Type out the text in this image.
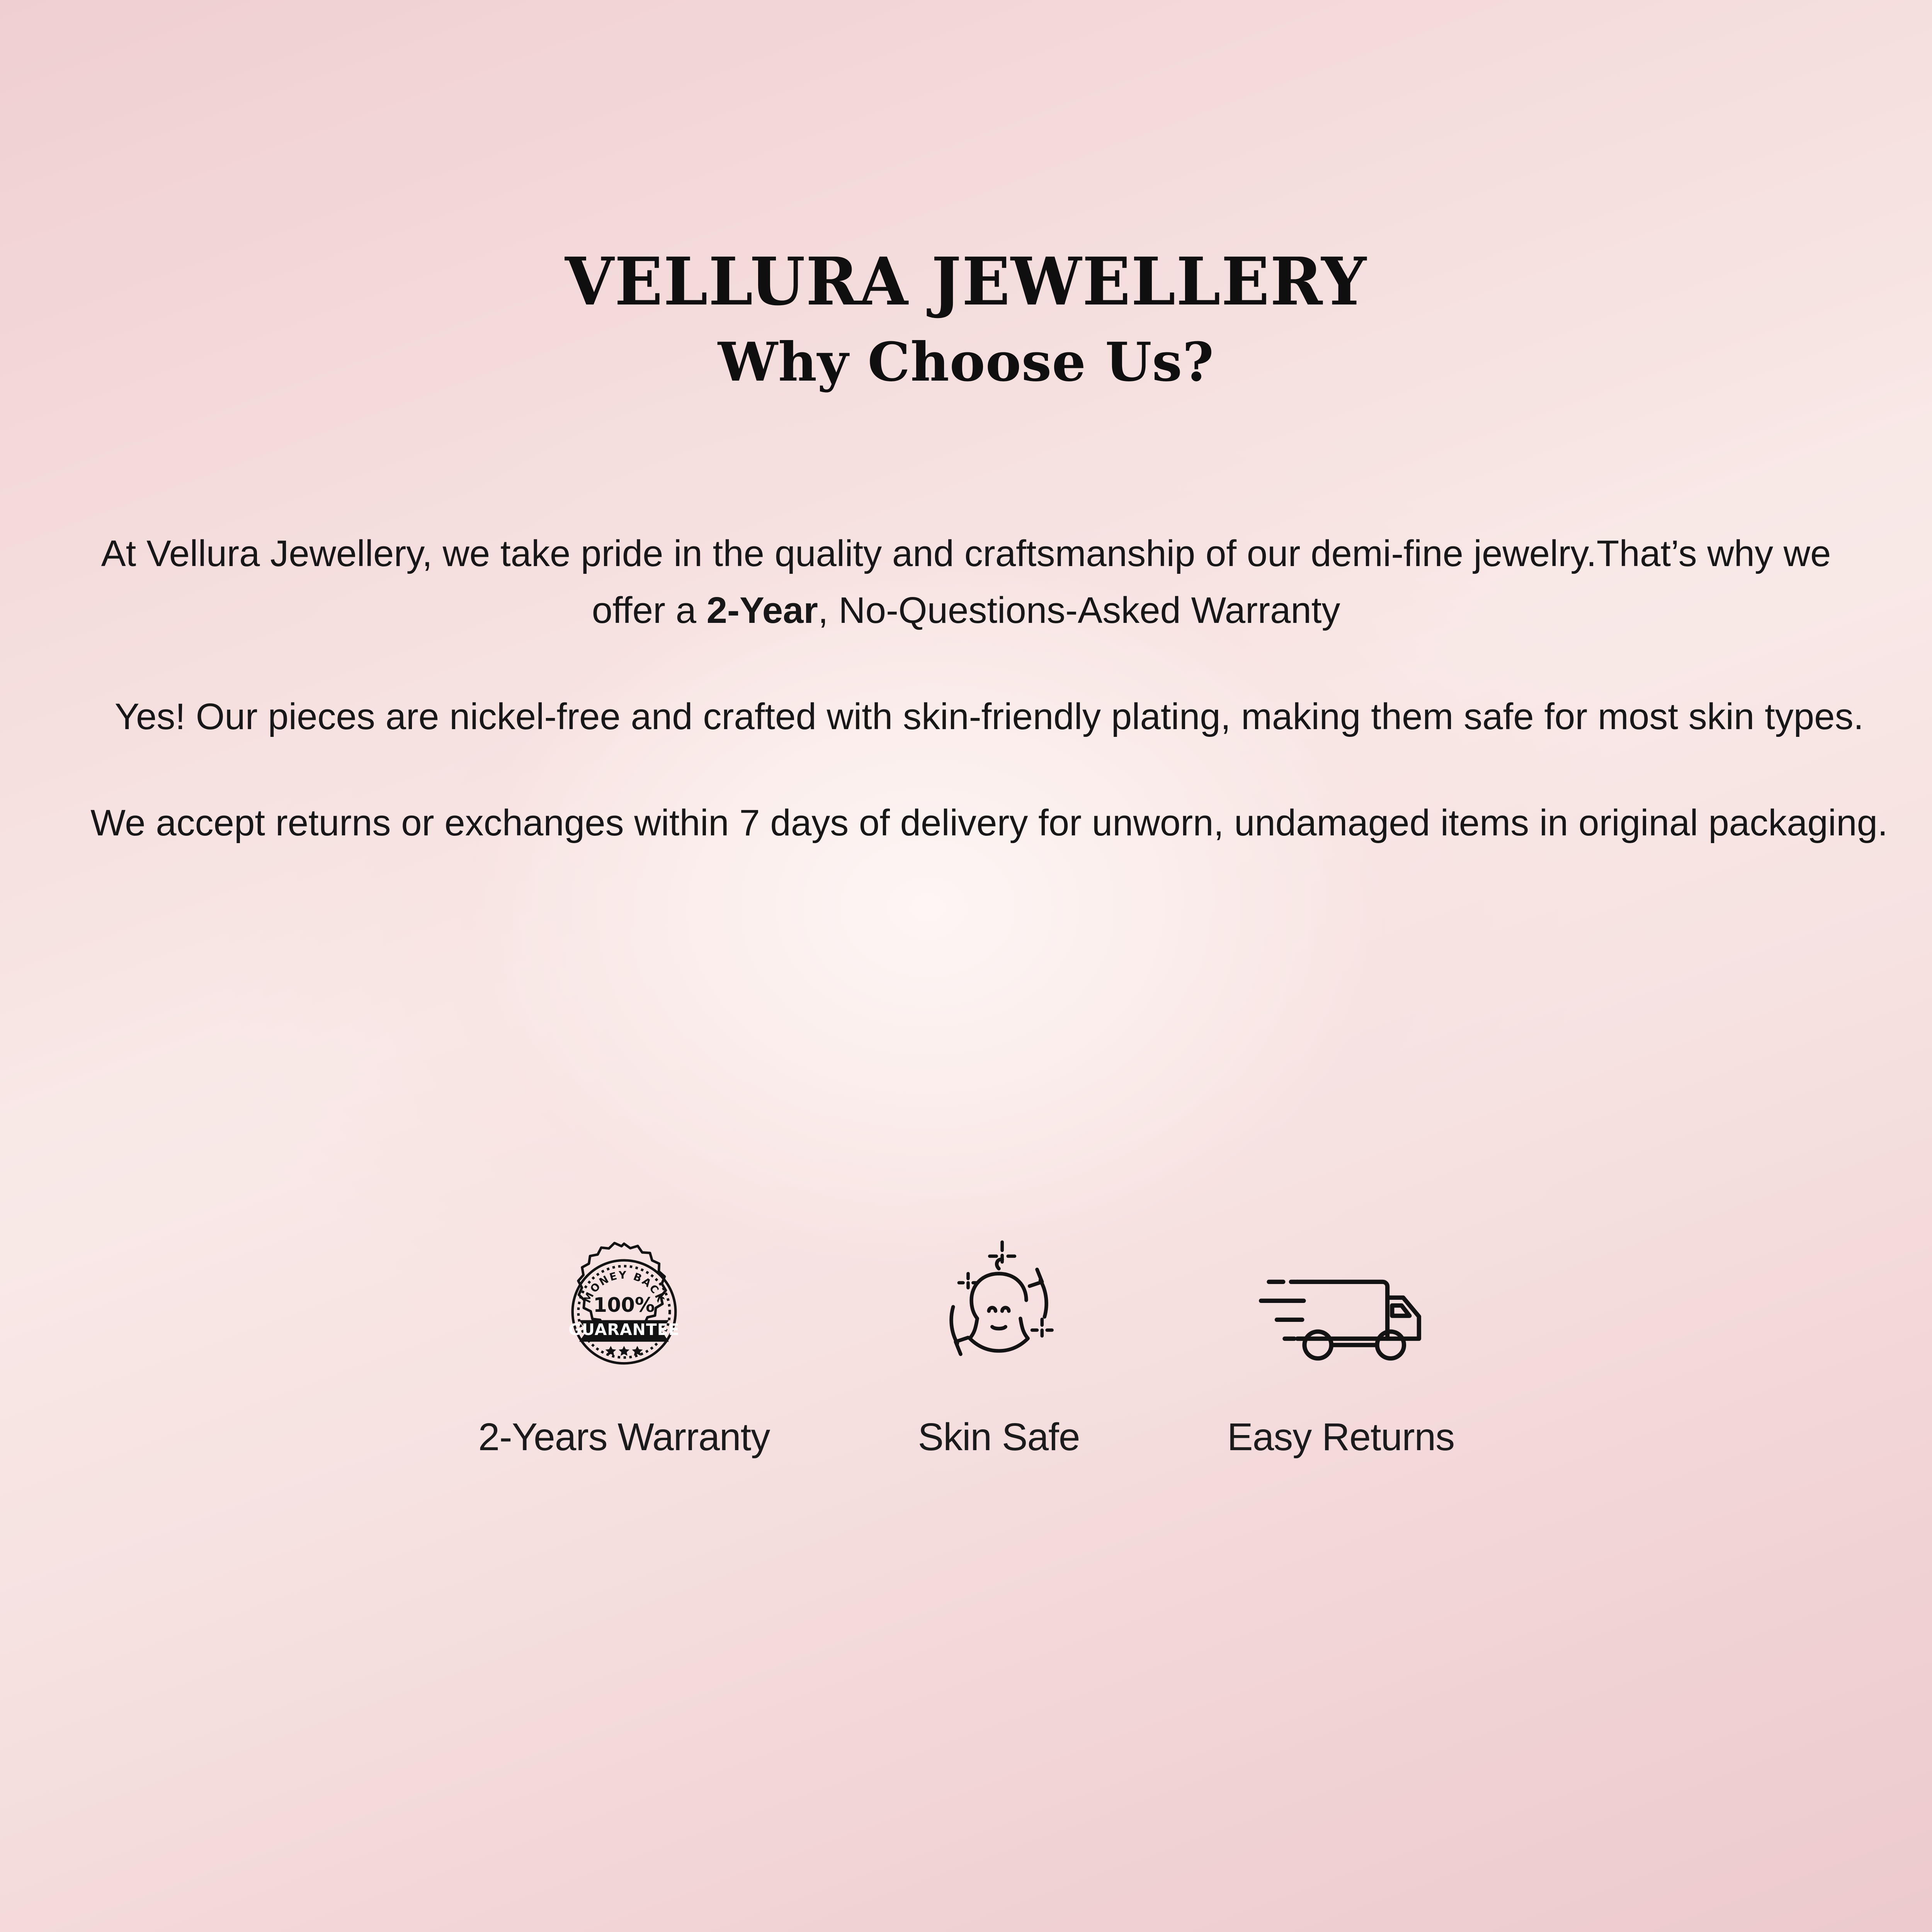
VELLURA JEWELLERY
Why Choose Us?

At Vellura Jewellery, we take pride in the quality and craftsmanship of our demi-fine jewelry.That’s why we offer a 2-Year, No-Questions-Asked Warranty

Yes! Our pieces are nickel-free and crafted with skin-friendly plating, making them safe for most skin types.

We accept returns or exchanges within 7 days of delivery for unworn, undamaged items in original packaging.

MONEY BACK
100%
GUARANTEE
2-Years Warranty	Skin Safe	Easy Returns
